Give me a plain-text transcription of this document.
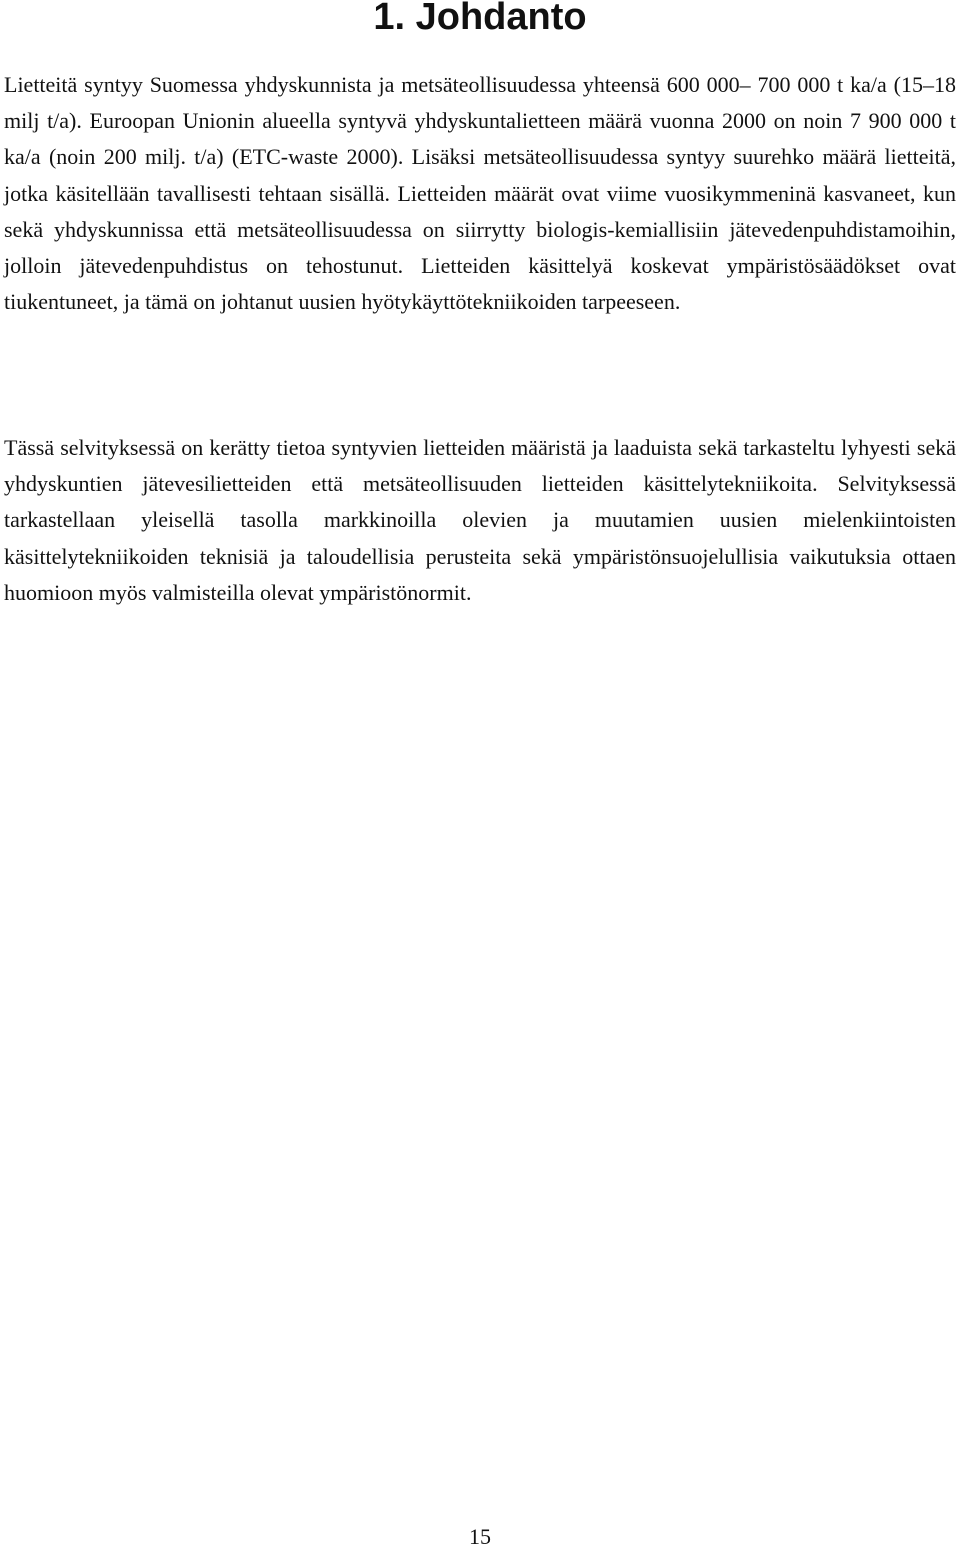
1. Johdanto

Lietteitä syntyy Suomessa yhdyskunnista ja metsäteollisuudessa yhteensä 600 000– 700 000 t ka/a (15–18 milj t/a). Euroopan Unionin alueella syntyvä yhdyskuntalietteen määrä vuonna 2000 on noin 7 900 000 t ka/a (noin 200 milj. t/a) (ETC-waste 2000). Lisäksi metsäteollisuudessa syntyy suurehko määrä lietteitä, jotka käsitellään tavallisesti tehtaan sisällä. Lietteiden määrät ovat viime vuosikymmeninä kasvaneet, kun sekä yhdyskunnissa että metsäteollisuudessa on siirrytty biologis-kemiallisiin jätevedenpuhdistamoihin, jolloin jätevedenpuhdistus on tehostunut. Lietteiden käsittelyä koskevat ympäristösäädökset ovat tiukentuneet, ja tämä on johtanut uusien hyötykäyttötekniikoiden tarpeeseen.

Tässä selvityksessä on kerätty tietoa syntyvien lietteiden määristä ja laaduista sekä tarkasteltu lyhyesti sekä yhdyskuntien jätevesilietteiden että metsäteollisuuden lietteiden käsittelytekniikoita. Selvityksessä tarkastellaan yleisellä tasolla markkinoilla olevien ja muutamien uusien mielenkiintoisten käsittelytekniikoiden teknisiä ja taloudellisia perusteita sekä ympäristönsuojelullisia vaikutuksia ottaen huomioon myös valmisteilla olevat ympäristönormit.

15
